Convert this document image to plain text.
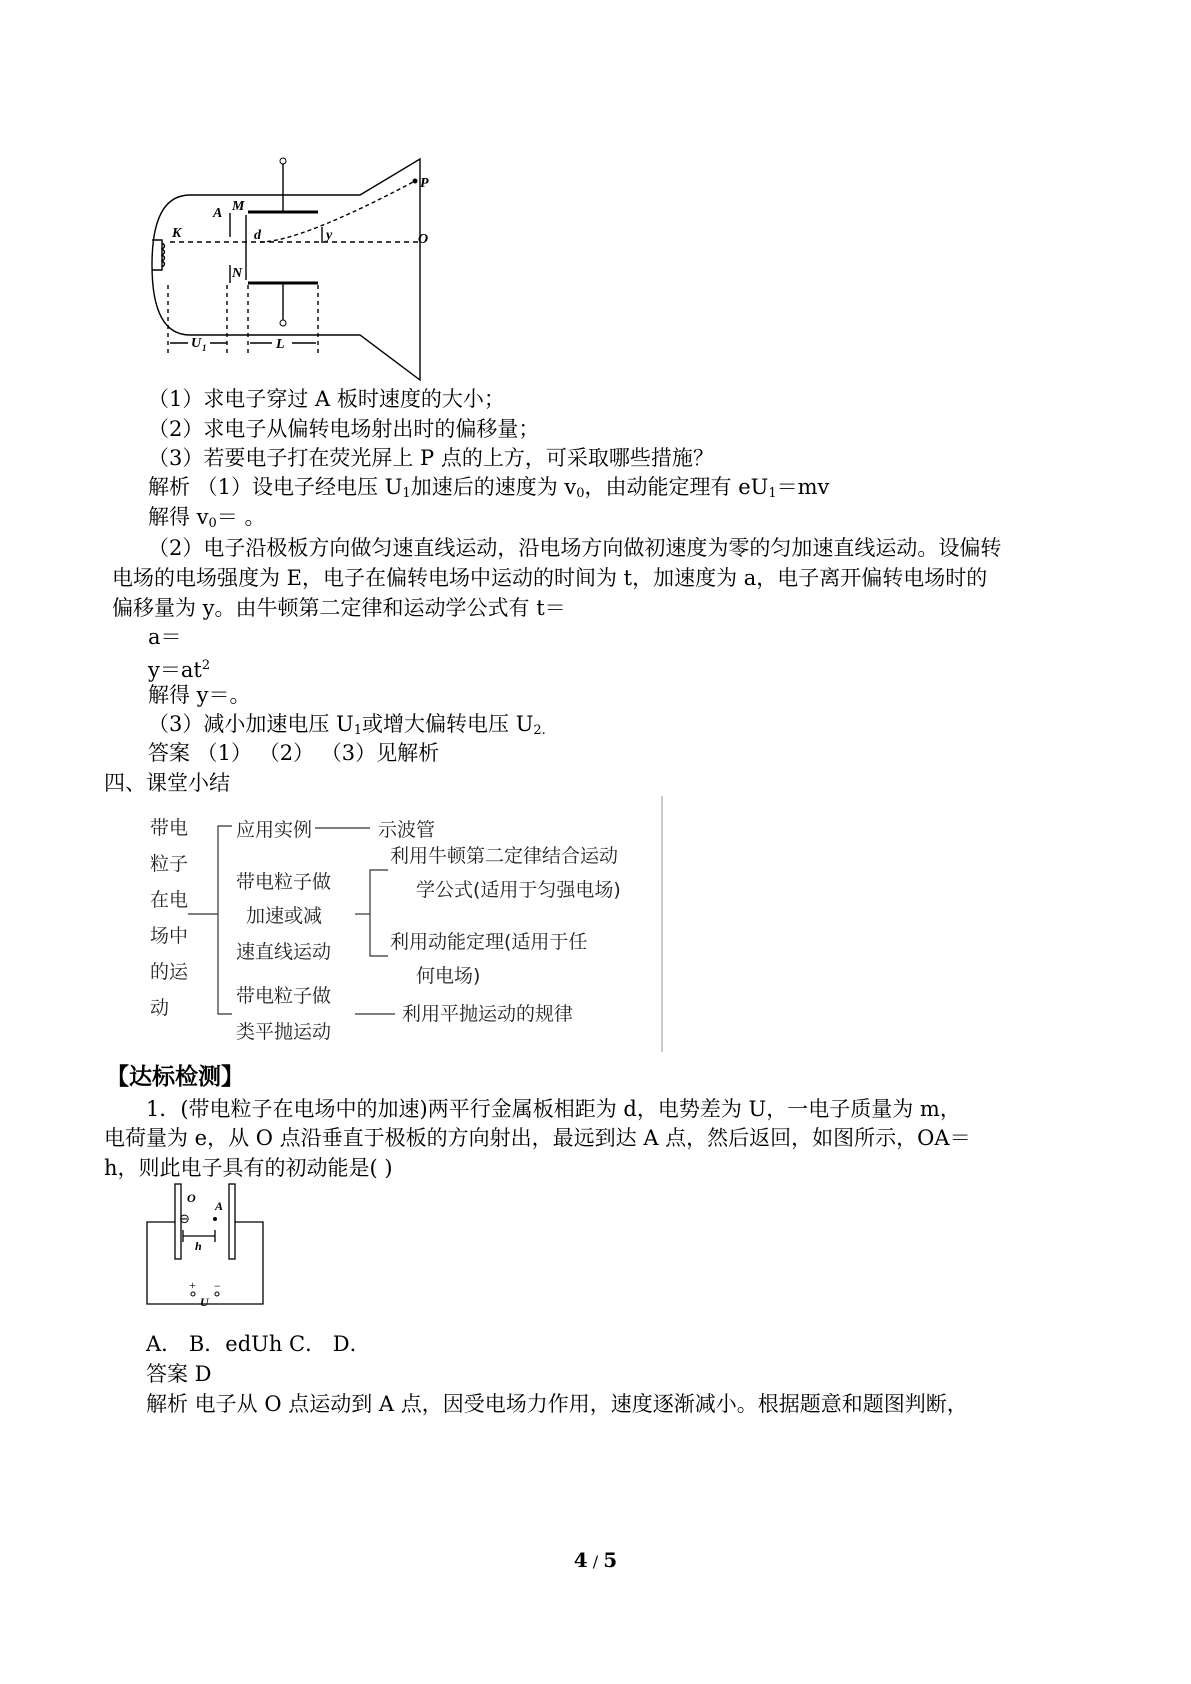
K
A M
N
d	y
P
O
U 1	L
（1）求电子穿过 A 板时速度的大小；
（2）求电子从偏转电场射出时的偏移量；
（3）若要电子打在荧光屏上 P 点的上方，可采取哪些措施？
解析 （1）设电子经电压 $U_1$加速后的速度为 $v_0$，由动能定理有 $eU_1=mv$
解得 $v_0=$ 。
（2）电子沿极板方向做匀速直线运动，沿电场方向做初速度为零的匀加速直线运动。设偏转电场的电场强度为 E，电子在偏转电场中运动的时间为 t，加速度为 a，电子离开偏转电场时的偏移量为 y。由牛顿第二定律和运动学公式有 t＝
a＝
$y=at^2$
解得 y＝。
（3）减小加速电压 $U_1$或增大偏转电压 $U_{2.}$
答案 （1） （2） （3）见解析
四、课堂小结
带电
粒子
在电
场中
的运
动
应用实例	示波管
带电粒子做
加速或减
速直线运动
利用牛顿第二定律结合运动
学公式(适用于匀强电场)
利用动能定理(适用于任
何电场)
带电粒子做
类平抛运动
利用平抛运动的规律
【达标检测】
1．(带电粒子在电场中的加速)两平行金属板相距为 d，电势差为 U，一电子质量为 m，
电荷量为 e，从 O 点沿垂直于极板的方向射出，最远到达 A 点，然后返回，如图所示，OA＝
h，则此电子具有的初动能是( )
O
A
⊖
h
+
U
−
A． B．edUh C． D．
答案 D
解析 电子从 O 点运动到 A 点，因受电场力作用，速度逐渐减小。根据题意和题图判断，
4 / 5
